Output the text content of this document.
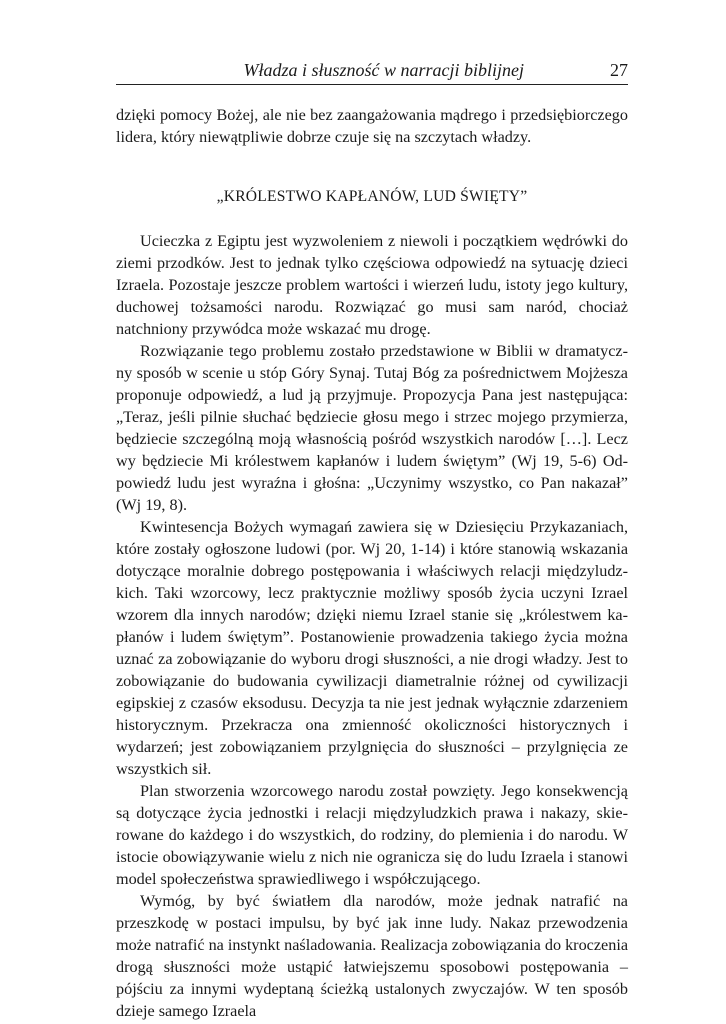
Władza i słuszność w narracji biblijnej	27

dzięki pomocy Bożej, ale nie bez zaangażowania mądrego i przedsiębiorczego lidera, który niewątpliwie dobrze czuje się na szczytach władzy.

„KRÓLESTWO KAPŁANÓW, LUD ŚWIĘTY”

Ucieczka z Egiptu jest wyzwoleniem z niewoli i początkiem wędrówki do ziemi przodków. Jest to jednak tylko częściowa odpowiedź na sytuację dzieci Izraela. Pozostaje jeszcze problem wartości i wierzeń ludu, istoty jego kultury, duchowej tożsamości narodu. Rozwiązać go musi sam naród, chociaż natchniony przywódca może wskazać mu drogę.

Rozwiązanie tego problemu zostało przedstawione w Biblii w dramatyczny sposób w scenie u stóp Góry Synaj. Tutaj Bóg za pośrednictwem Mojżesza proponuje odpowiedź, a lud ją przyjmuje. Propozycja Pana jest następująca: „Teraz, jeśli pilnie słuchać będziecie głosu mego i strzec mojego przymierza, będziecie szczególną moją własnością pośród wszystkich narodów […]. Lecz wy będziecie Mi królestwem kapłanów i ludem świętym” (Wj 19, 5-6) Odpowiedź ludu jest wyraźna i głośna: „Uczynimy wszystko, co Pan nakazał” (Wj 19, 8).

Kwintesencja Bożych wymagań zawiera się w Dziesięciu Przykazaniach, które zostały ogłoszone ludowi (por. Wj 20, 1-14) i które stanowią wskazania dotyczące moralnie dobrego postępowania i właściwych relacji międzyludzkich. Taki wzorcowy, lecz praktycznie możliwy sposób życia uczyni Izrael wzorem dla innych narodów; dzięki niemu Izrael stanie się „królestwem kapłanów i ludem świętym”. Postanowienie prowadzenia takiego życia można uznać za zobowiązanie do wyboru drogi słuszności, a nie drogi władzy. Jest to zobowiązanie do budowania cywilizacji diametralnie różnej od cywilizacji egipskiej z czasów eksodusu. Decyzja ta nie jest jednak wyłącznie zdarzeniem historycznym. Przekracza ona zmienność okoliczności historycznych i wydarzeń; jest zobowiązaniem przylgnięcia do słuszności – przylgnięcia ze wszystkich sił.

Plan stworzenia wzorcowego narodu został powzięty. Jego konsekwencją są dotyczące życia jednostki i relacji międzyludzkich prawa i nakazy, skierowane do każdego i do wszystkich, do rodziny, do plemienia i do narodu. W istocie obowiązywanie wielu z nich nie ogranicza się do ludu Izraela i stanowi model społeczeństwa sprawiedliwego i współczującego.

Wymóg, by być światłem dla narodów, może jednak natrafić na przeszkodę w postaci impulsu, by być jak inne ludy. Nakaz przewodzenia może natrafić na instynkt naśladowania. Realizacja zobowiązania do kroczenia drogą słuszności może ustąpić łatwiejszemu sposobowi postępowania – pójściu za innymi wydeptaną ścieżką ustalonych zwyczajów. W ten sposób dzieje samego Izraela
